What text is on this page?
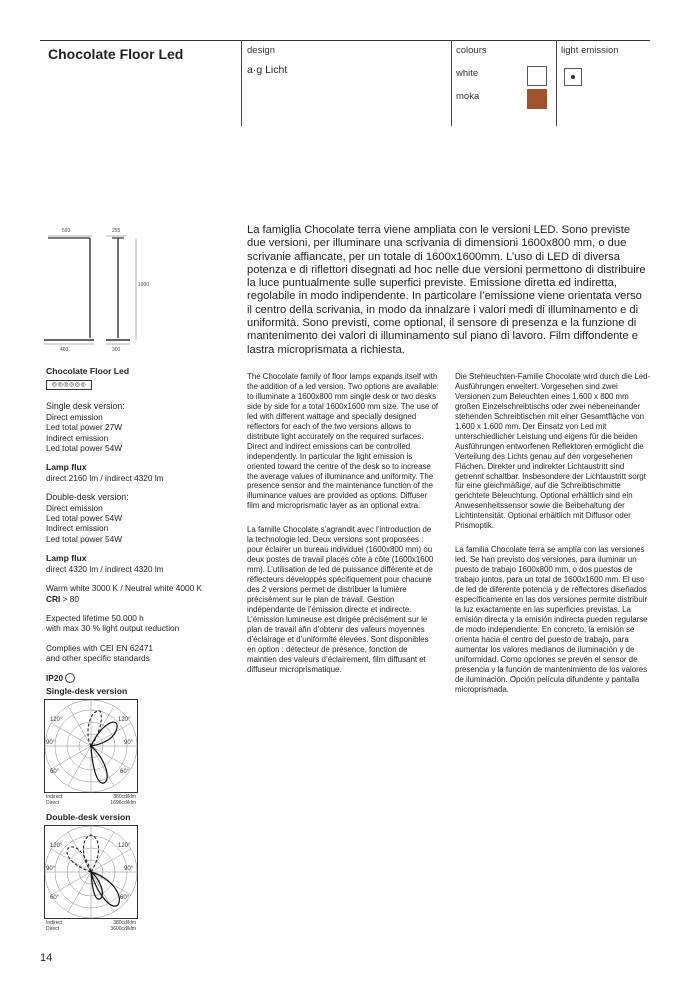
Chocolate Floor Led	design
a·g Licht
colours
white
moka
light emission
593	255
1900
460	300
Chocolate Floor Led
◎◎◎◎◎◎
Single desk version:
Direct emission
Led total power 27W
Indirect emission
Led total power 54W
Lamp flux
direct 2160 lm / indirect 4320 lm
Double-desk version:
Direct emission
Led total power 54W
Indirect emission
Led total power 54W
Lamp flux
direct 4320 lm / indirect 4320 lm
Warm white 3000 K / Neutral white 4000 K
CRI > 80
Expected lifetime 50.000 h
with max 30 % light output reduction
Complies with CEI EN 62471
and other specific standards
IP20
Single-desk version
120°	120°
90°	90°
60°	60°
Indirect	380cd/klm
Direct	1696cd/klm
Double-desk version
120°	120°
90°	90°
60°	60°
Indirect	380cd/klm
Direct	3600cd/klm
La famiglia Chocolate terra viene ampliata con le versioni LED. Sono previste due versioni, per illuminare una scrivania di dimensioni 1600x800 mm, o due scrivanie affiancate, per un totale di 1600x1600mm. L’uso di LED di diversa potenza e di riflettori disegnati ad hoc nelle due versioni permettono di distribuire la luce puntualmente sulle superfici previste. Emissione diretta ed indiretta, regolabile in modo indipendente. In particolare l’emissione viene orientata verso il centro della scrivania, in modo da innalzare i valori medi di illuminamento e di uniformità. Sono previsti, come optional, il sensore di presenza e la funzione di mantenimento dei valori di illuminamento sul piano di lavoro. Film diffondente e lastra microprismata a richiesta.

The Chocolate family of floor lamps expands itself with the addition of a led version. Two options are available: to illuminate a 1600x800 mm single desk or two desks side by side for a total 1600x1600 mm size. The use of led with different wattage and specially designed reflectors for each of the two versions allows to distribute light accurately on the required surfaces. Direct and indirect emissions can be controlled independently. In particular the light emission is oriented toward the centre of the desk so to increase the average values of illuminance and uniformity. The presence sensor and the maintenance function of the illuminance values are provided as options. Diffuser film and microprismatic layer as an optional extra.

La famille Chocolate s’agrandit avec l’introduction de la technologie led. Deux versions sont proposées : pour éclairer un bureau individuel (1600x800 mm) ou deux postes de travail placés côte à côte (1600x1600 mm). L’utilisation de led de puissance différente et de réflecteurs développés spécifiquement pour chacune des 2 versions permet de distribuer la lumière précisément sur le plan de travail. Gestion indépendante de l’émission directe et indirecte. L’émission lumineuse est dirigée précisément sur le plan de travail afin d’obtenir des valeurs moyennes d’éclairage et d’uniformité élevées. Sont disponibles en option : détecteur de présence, fonction de maintien des valeurs d’éclairement, film diffusant et diffuseur microprismatique.

Die Stehleuchten-Familie Chocolate wird durch die Led-Ausführungen erweitert. Vorgesehen sind zwei Versionen zum Beleuchten eines 1.600 x 800 mm großen Einzelschreibtischs oder zwei nebeneinander stehenden Schreibtischen mit einer Gesamtfläche von 1.600 x 1.600 mm. Der Einsatz von Led mit unterschiedlicher Leistung und eigens für die beiden Ausführungen entworfenen Reflektoren ermöglicht die Verteilung des Lichts genau auf den vorgesehenen Flächen. Direkter und indirekter Lichtaustritt sind getrennt schaltbar. Insbesondere der Lichtaustritt sorgt für eine gleichmäßige, auf die Schreibtischmitte gerichtete Beleuchtung. Optional erhältlich sind ein Anwesenheitssensor sowie die Beibehaltung der Lichtintensität. Optional erhältlich mit Diffusor oder Prismoptik.

La familia Chocolate terra se amplía con las versiones led. Se han previsto dos versiones, para iluminar un puesto de trabajo 1600x800 mm, o dos puestos de trabajo juntos, para un total de 1600x1600 mm. El uso de led de diferente potencia y de reflectores diseñados específicamente en las dos versiones permite distribuir la luz exactamente en las superficies previstas. La emisión directa y la emisión indirecta pueden regularse de modo independiente. En concreto, la emisión se orienta hacia el centro del puesto de trabajo, para aumentar los valores medianos de iluminación y de uniformidad. Como opciones se prevén el sensor de presencia y la función de mantenimiento de los valores de iluminación. Opción película difundente y pantalla microprismada.

14
